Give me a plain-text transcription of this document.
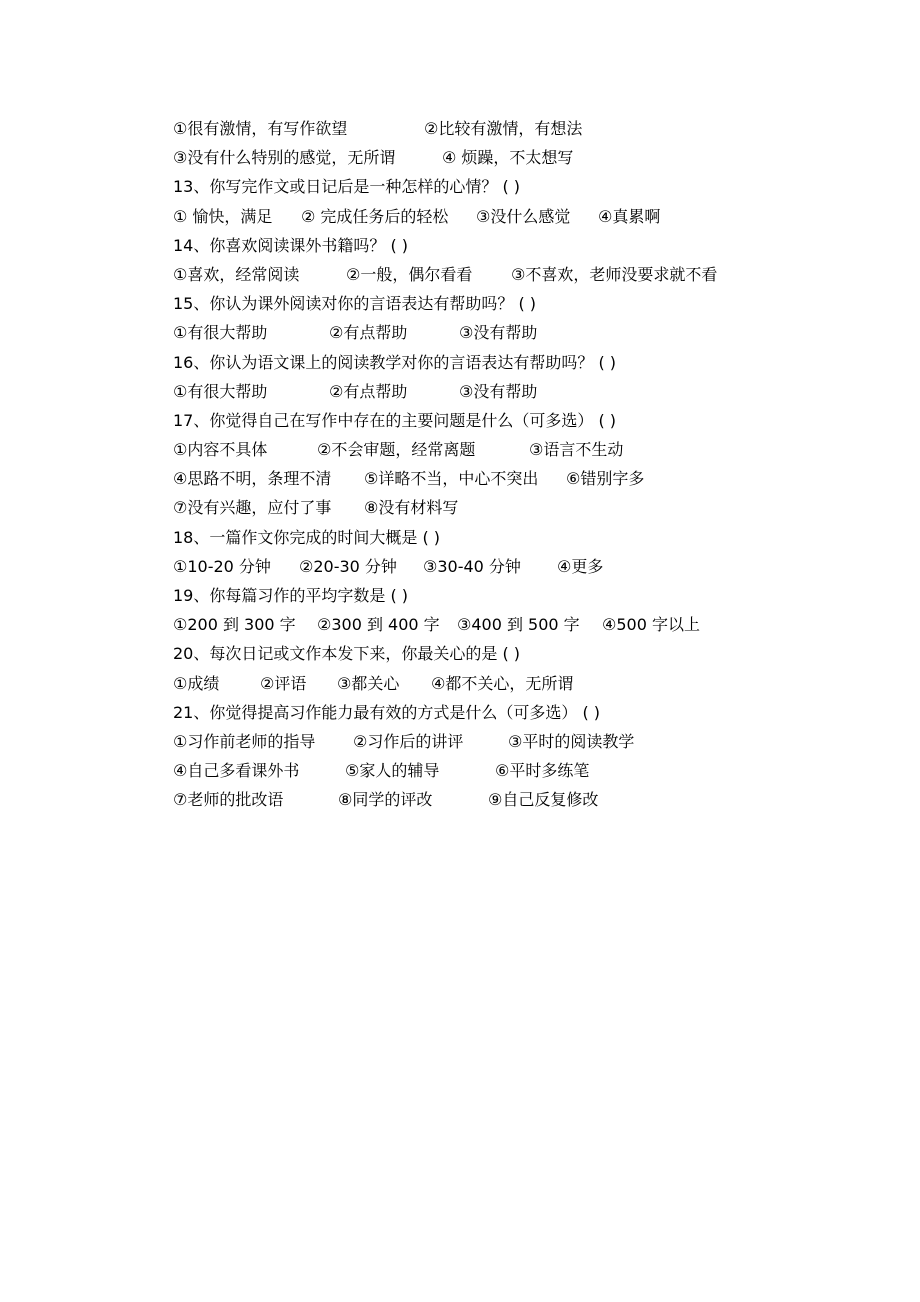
①很有激情，有写作欲望	②比较有激情，有想法
③没有什么特别的感觉，无所谓	④ 烦躁，不太想写
13、你写完作文或日记后是一种怎样的心情？ ( )
① 愉快，满足 ② 完成任务后的轻松 ③没什么感觉 ④真累啊
14、你喜欢阅读课外书籍吗？ ( )
①喜欢，经常阅读	②一般，偶尔看看 ③不喜欢，老师没要求就不看
15、你认为课外阅读对你的言语表达有帮助吗？ ( )
①有很大帮助	②有点帮助	③没有帮助
16、你认为语文课上的阅读教学对你的言语表达有帮助吗？ ( )
①有很大帮助	②有点帮助	③没有帮助
17、你觉得自己在写作中存在的主要问题是什么（可多选） ( )
①内容不具体	②不会审题，经常离题	③语言不生动
④思路不明，条理不清 ⑤详略不当，中心不突出 ⑥错别字多
⑦没有兴趣，应付了事 ⑧没有材料写
18、一篇作文你完成的时间大概是 ( )
①10-20 分钟 ②20-30 分钟 ③30-40 分钟 ④更多
19、你每篇习作的平均字数是 ( )
①200 到 300 字 ②300 到 400 字 ③400 到 500 字 ④500 字以上
20、每次日记或文作本发下来，你最关心的是 ( )
①成绩	②评语 ③都关心 ④都不关心，无所谓
21、你觉得提高习作能力最有效的方式是什么（可多选） ( )
①习作前老师的指导 ②习作后的讲评	③平时的阅读教学
④自己多看课外书	⑤家人的辅导	⑥平时多练笔
⑦老师的批改语	⑧同学的评改	⑨自己反复修改
